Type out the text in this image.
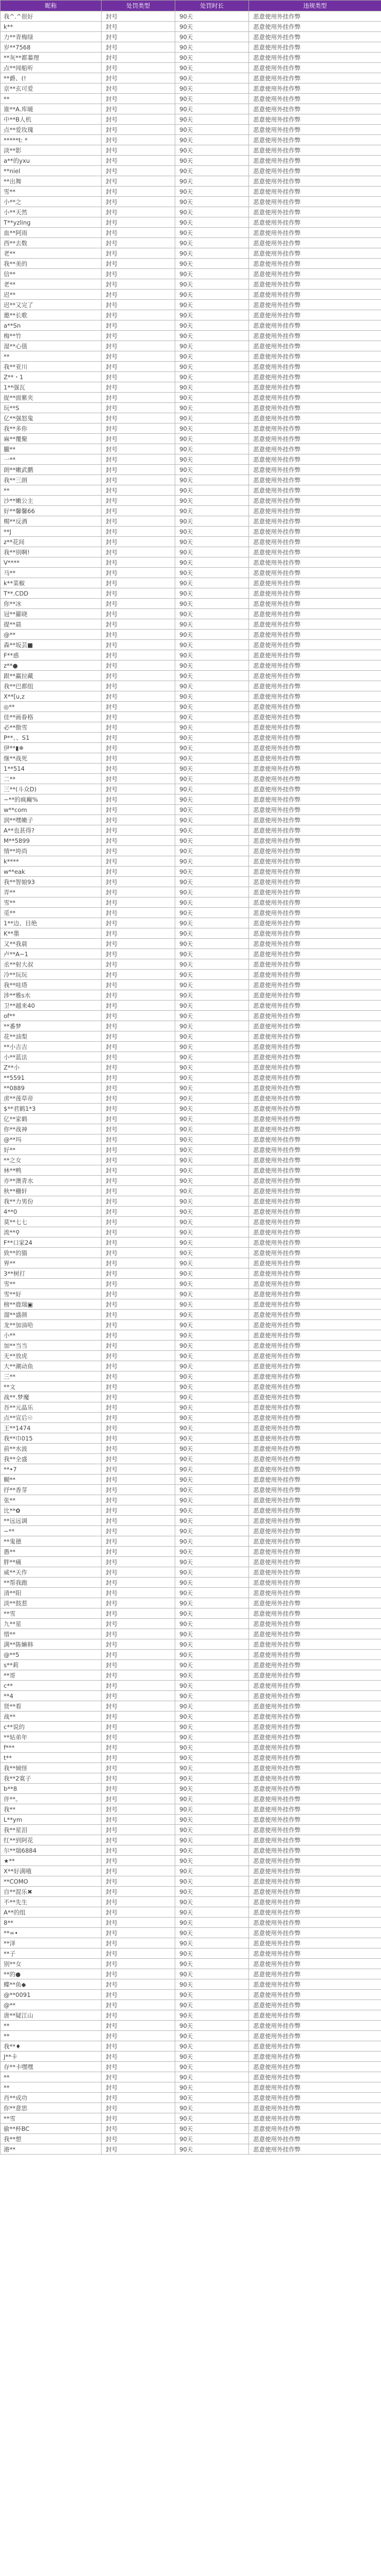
昵称	处罚类型	处罚时长	违规类型
我^.^很好	封号	90天	恶意使用外挂作弊
k**	封号	90天	恶意使用外挂作弊
力**青梅绿	封号	90天	恶意使用外挂作弊
岁**7568	封号	90天	恶意使用外挂作弊
**灰**都蓁理	封号	90天	恶意使用外挂作弊
点**闻船听	封号	90天	恶意使用外挂作弊
**爵、(!	封号	90天	恶意使用外挂作弊
京**玄可爱	封号	90天	恶意使用外挂作弊
**	封号	90天	恶意使用外挂作弊
谁**A.库暖	封号	90天	恶意使用外挂作弊
中**B人机	封号	90天	恶意使用外挂作弊
点**爱玫瑰	封号	90天	恶意使用外挂作弊
*****t: *	封号	90天	恶意使用外挂作弊
淡**影	封号	90天	恶意使用外挂作弊
a**的yxu	封号	90天	恶意使用外挂作弊
**niel	封号	90天	恶意使用外挂作弊
**出舞	封号	90天	恶意使用外挂作弊
雪**	封号	90天	恶意使用外挂作弊
小**之	封号	90天	恶意使用外挂作弊
小**天然	封号	90天	恶意使用外挂作弊
T**yzling	封号	90天	恶意使用外挂作弊
血**阿雨	封号	90天	恶意使用外挂作弊
西**去数	封号	90天	恶意使用外挂作弊
老**	封号	90天	恶意使用外挂作弊
我**美的	封号	90天	恶意使用外挂作弊
信**	封号	90天	恶意使用外挂作弊
老**	封号	90天	恶意使用外挂作弊
迟**	封号	90天	恶意使用外挂作弊
迟**又完了	封号	90天	恶意使用外挂作弊
邀**长歌	封号	90天	恶意使用外挂作弊
a**Sn	封号	90天	恶意使用外挂作弊
梅**竹	封号	90天	恶意使用外挂作弊
湿**心值	封号	90天	恶意使用外挂作弊
**	封号	90天	恶意使用外挂作弊
我**亚川	封号	90天	恶意使用外挂作弊
Z**・1	封号	90天	恶意使用外挂作弊
1**强瓦	封号	90天	恶意使用外挂作弊
捉**面紫夹	封号	90天	恶意使用外挂作弊
玩**S	封号	90天	恶意使用外挂作弊
亿**强怒鬼	封号	90天	恶意使用外挂作弊
我**多你	封号	90天	恶意使用外挂作弊
麻**覆聚	封号	90天	恶意使用外挂作弊
朧**	封号	90天	恶意使用外挂作弊
一**	封号	90天	恶意使用外挂作弊
朗**嫩武鹏	封号	90天	恶意使用外挂作弊
我**三朗	封号	90天	恶意使用外挂作弊
**	封号	90天	恶意使用外挂作弊
沙**嫩公主	封号	90天	恶意使用外挂作弊
好**馨馨66	封号	90天	恶意使用外挂作弊
赐**反酒	封号	90天	恶意使用外挂作弊
**J	封号	90天	恶意使用外挂作弊
z**花间	封号	90天	恶意使用外挂作弊
我**别啊!	封号	90天	恶意使用外挂作弊
V****	封号	90天	恶意使用外挂作弊
马**	封号	90天	恶意使用外挂作弊
k**菜椒	封号	90天	恶意使用外挂作弊
T**.CDD	封号	90天	恶意使用外挂作弊
你**冰	封号	90天	恶意使用外挂作弊
冠**羅晓	封号	90天	恶意使用外挂作弊
提**晨	封号	90天	恶意使用外挂作弊
@**	封号	90天	恶意使用外挂作弊
森**坂芸■	封号	90天	恶意使用外挂作弊
F**惑	封号	90天	恶意使用外挂作弊
z**●	封号	90天	恶意使用外挂作弊
跟**赢拉藏	封号	90天	恶意使用外挂作弊
我**巴都组	封号	90天	恶意使用外挂作弊
X**[u,z	封号	90天	恶意使用外挂作弊
◎**	封号	90天	恶意使用外挂作弊
佳**画眷格	封号	90天	恶意使用外挂作弊
必**傲雪	封号	90天	恶意使用外挂作弊
P**、、S1	封号	90天	恶意使用外挂作弊
伊**▮❄	封号	90天	恶意使用外挂作弊
继**战死	封号	90天	恶意使用外挂作弊
1**514	封号	90天	恶意使用外挂作弊
二**	封号	90天	恶意使用外挂作弊
三**(斗众D)	封号	90天	恶意使用外挂作弊
~**的疯癫%	封号	90天	恶意使用外挂作弊
w**com	封号	90天	恶意使用外挂作弊
润**嘿嫩子	封号	90天	恶意使用外挂作弊
A**也甚得?	封号	90天	恶意使用外挂作弊
M**5899	封号	90天	恶意使用外挂作弊
情**垮尚	封号	90天	恶意使用外挂作弊
k****	封号	90天	恶意使用外挂作弊
w**eak	封号	90天	恶意使用外挂作弊
我**智娘93	封号	90天	恶意使用外挂作弊
弄**	封号	90天	恶意使用外挂作弊
雪**	封号	90天	恶意使用外挂作弊
觅**	封号	90天	恶意使用外挂作弊
1**边、目绝	封号	90天	恶意使用外挂作弊
K**墨	封号	90天	恶意使用外挂作弊
又**我晨	封号	90天	恶意使用外挂作弊
卢**A~1	封号	90天	恶意使用外挂作弊
丞**射大叔	封号	90天	恶意使用外挂作弊
冷**玩玩	封号	90天	恶意使用外挂作弊
我**哇塔	封号	90天	恶意使用外挂作弊
涉**雅s水	封号	90天	恶意使用外挂作弊
卫**越来40	封号	90天	恶意使用外挂作弊
of**	封号	90天	恶意使用外挂作弊
**番梦	封号	90天	恶意使用外挂作弊
花**油梨	封号	90天	恶意使用外挂作弊
**小吉吉	封号	90天	恶意使用外挂作弊
小**蓝法	封号	90天	恶意使用外挂作弊
Z**小	封号	90天	恶意使用外挂作弊
**5591	封号	90天	恶意使用外挂作弊
**0889	封号	90天	恶意使用外挂作弊
虏**莲草帝	封号	90天	恶意使用外挂作弊
$**君鹤1*3	封号	90天	恶意使用外挂作弊
亿**家鹤	封号	90天	恶意使用外挂作弊
你**战神	封号	90天	恶意使用外挂作弊
@**玛	封号	90天	恶意使用外挂作弊
好**	封号	90天	恶意使用外挂作弊
**之女	封号	90天	恶意使用外挂作弊
林**鸭	封号	90天	恶意使用外挂作弊
亦**澳青水	封号	90天	恶意使用外挂作弊
秋**栅轩	封号	90天	恶意使用外挂作弊
我**力男份	封号	90天	恶意使用外挂作弊
4**0	封号	90天	恶意使用外挂作弊
莫**七七	封号	90天	恶意使用外挂作弊
流**⚲	封号	90天	恶意使用外挂作弊
F**口家24	封号	90天	恶意使用外挂作弊
致**的猫	封号	90天	恶意使用外挂作弊
界**	封号	90天	恶意使用外挂作弊
3**树打	封号	90天	恶意使用外挂作弊
雪**	封号	90天	恶意使用外挂作弊
雪**好	封号	90天	恶意使用外挂作弊
榜**鹿瑞▣	封号	90天	恶意使用外挂作弊
溜**盛颜	封号	90天	恶意使用外挂作弊
龙**加油哈	封号	90天	恶意使用外挂作弊
小**	封号	90天	恶意使用外挂作弊
加**当当	封号	90天	恶意使用外挂作弊
无**放虎	封号	90天	恶意使用外挂作弊
大**潮动鱼	封号	90天	恶意使用外挂作弊
三**	封号	90天	恶意使用外挂作弊
**文	封号	90天	恶意使用外挂作弊
战**.梦魔	封号	90天	恶意使用外挂作弊
吾**元晶乐	封号	90天	恶意使用外挂作弊
点**宣后☉	封号	90天	恶意使用外挂作弊
王**1474	封号	90天	恶意使用外挂作弊
我**巾015	封号	90天	恶意使用外挂作弊
前**水波	封号	90天	恶意使用外挂作弊
我**全盛	封号	90天	恶意使用外挂作弊
**•7	封号	90天	恶意使用外挂作弊
糊**	封号	90天	恶意使用外挂作弊
抒**香芽	封号	90天	恶意使用外挂作弊
张**	封号	90天	恶意使用外挂作弊
比**✿	封号	90天	恶意使用外挂作弊
**远远调	封号	90天	恶意使用外挂作弊
~**	封号	90天	恶意使用外挂作弊
**鬼德	封号	90天	恶意使用外挂作弊
愚**	封号	90天	恶意使用外挂作弊
胖**痛	封号	90天	恶意使用外挂作弊
威**天作	封号	90天	恶意使用外挂作弊
**帮我跑	封号	90天	恶意使用外挂作弊
清**阳	封号	90天	恶意使用外挂作弊
淡**鼓惹	封号	90天	恶意使用外挂作弊
**雪	封号	90天	恶意使用外挂作弊
九**星	封号	90天	恶意使用外挂作弊
惜**	封号	90天	恶意使用外挂作弊
满**陈嫲韩	封号	90天	恶意使用外挂作弊
@**5	封号	90天	恶意使用外挂作弊
s**莉	封号	90天	恶意使用外挂作弊
**哥	封号	90天	恶意使用外挂作弊
c**	封号	90天	恶意使用外挂作弊
**4	封号	90天	恶意使用外挂作弊
贤**看	封号	90天	恶意使用外挂作弊
战**	封号	90天	恶意使用外挂作弊
c**说的	封号	90天	恶意使用外挂作弊
**姑弟年	封号	90天	恶意使用外挂作弊
f***	封号	90天	恶意使用外挂作弊
t**	封号	90天	恶意使用外挂作弊
我**倾怪	封号	90天	恶意使用外挂作弊
我**2寞子	封号	90天	恶意使用外挂作弊
b**8	封号	90天	恶意使用外挂作弊
伴**。	封号	90天	恶意使用外挂作弊
我**	封号	90天	恶意使用外挂作弊
L**ym	封号	90天	恶意使用外挂作弊
我**星泪	封号	90天	恶意使用外挂作弊
红**到阿花	封号	90天	恶意使用外挂作弊
尔**瑞6884	封号	90天	恶意使用外挂作弊
★**	封号	90天	恶意使用外挂作弊
X**好满哦	封号	90天	恶意使用外挂作弊
**COMO	封号	90天	恶意使用外挂作弊
自**混乐✖	封号	90天	恶意使用外挂作弊
不**先生	封号	90天	恶意使用外挂作弊
A**的组	封号	90天	恶意使用外挂作弊
8**	封号	90天	恶意使用外挂作弊
**=•	封号	90天	恶意使用外挂作弊
**泽	封号	90天	恶意使用外挂作弊
**子	封号	90天	恶意使用外挂作弊
别**女	封号	90天	恶意使用外挂作弊
**的●	封号	90天	恶意使用外挂作弊
蝶**鱼◆	封号	90天	恶意使用外挂作弊
@**0091	封号	90天	恶意使用外挂作弊
@**	封号	90天	恶意使用外挂作弊
唐**疑江山	封号	90天	恶意使用外挂作弊
**	封号	90天	恶意使用外挂作弊
**	封号	90天	恶意使用外挂作弊
我**♦	封号	90天	恶意使用外挂作弊
J**卡	封号	90天	恶意使用外挂作弊
存**卡嘿嘿	封号	90天	恶意使用外挂作弊
**	封号	90天	恶意使用外挂作弊
**	封号	90天	恶意使用外挂作弊
肖**成功	封号	90天	恶意使用外挂作弊
你**意思	封号	90天	恶意使用外挂作弊
**雪	封号	90天	恶意使用外挂作弊
偷**杯BC	封号	90天	恶意使用外挂作弊
我**想	封号	90天	恶意使用外挂作弊
港**	封号	90天	恶意使用外挂作弊
